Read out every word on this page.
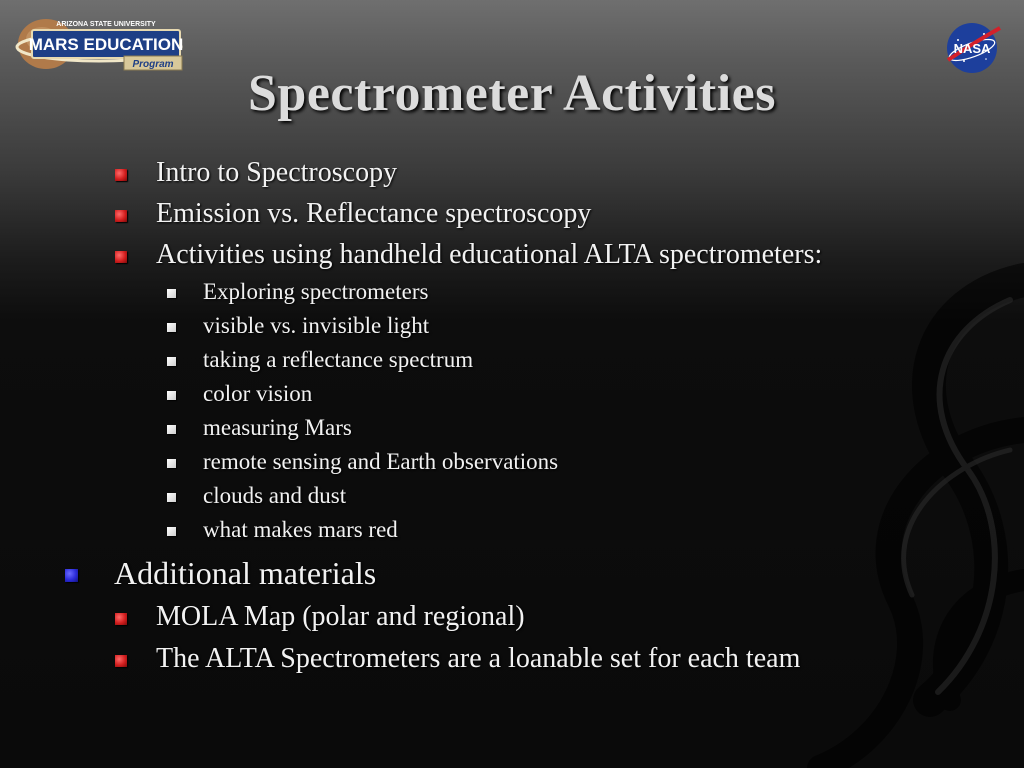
ARIZONA STATE UNIVERSITY
MARS EDUCATION
Program
NASA
Spectrometer Activities
Intro to Spectroscopy
Emission vs. Reflectance spectroscopy
Activities using handheld educational ALTA spectrometers:
Exploring spectrometers
visible vs. invisible light
taking a reflectance spectrum
color vision
measuring Mars
remote sensing and Earth observations
clouds and dust
what makes mars red
Additional materials
MOLA Map (polar and regional)
The ALTA Spectrometers are a loanable set for each team
